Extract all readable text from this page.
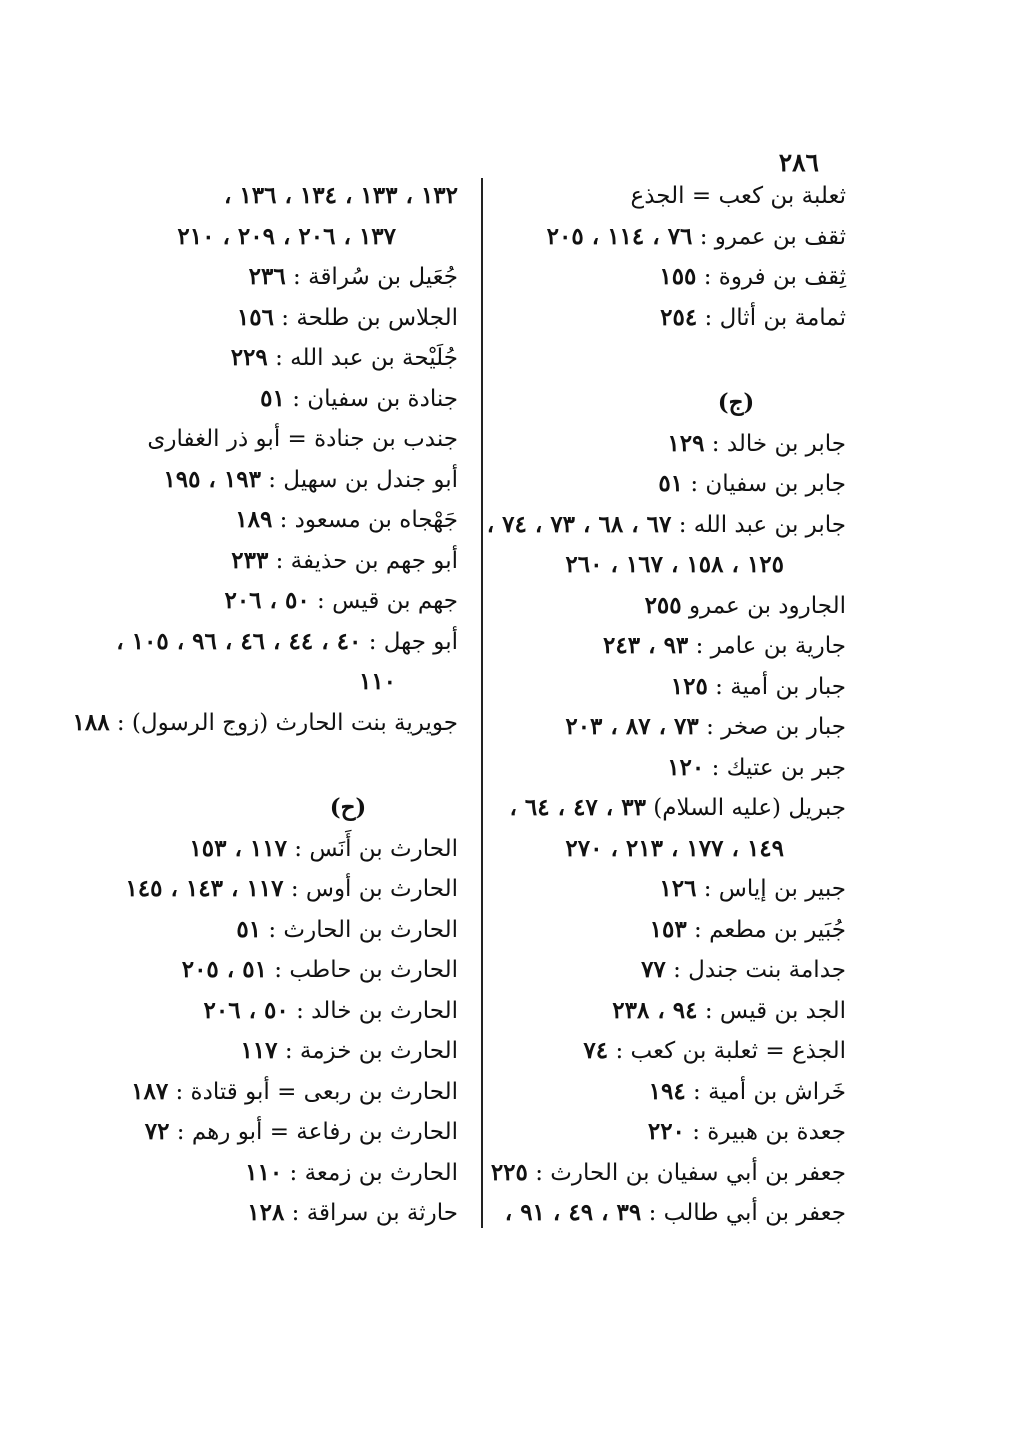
٢٨٦
ثعلبة بن كعب = الجذع
ثقف بن عمرو : ٧٦ ، ١١٤ ، ٢٠٥
ثِقف بن فروة : ١٥٥
ثمامة بن أثال : ٢٥٤
(ج)
جابر بن خالد : ١٢٩
جابر بن سفيان : ٥١
جابر بن عبد الله : ٦٧ ، ٦٨ ، ٧٣ ، ٧٤ ،
١٢٥ ، ١٥٨ ، ١٦٧ ، ٢٦٠
الجارود بن عمرو ٢٥٥
جارية بن عامر : ٩٣ ، ٢٤٣
جبار بن أمية : ١٢٥
جبار بن صخر : ٧٣ ، ٨٧ ، ٢٠٣
جبر بن عتيك : ١٢٠
جبريل (عليه السلام) ٣٣ ، ٤٧ ، ٦٤ ،
١٤٩ ، ١٧٧ ، ٢١٣ ، ٢٧٠
جبير بن إياس : ١٢٦
جُبَير بن مطعم : ١٥٣
جدامة بنت جندل : ٧٧
الجد بن قيس : ٩٤ ، ٢٣٨
الجذع = ثعلبة بن كعب : ٧٤
خَراش بن أمية : ١٩٤
جعدة بن هبيرة : ٢٢٠
جعفر بن أبي سفيان بن الحارث : ٢٢٥
جعفر بن أبي طالب : ٣٩ ، ٤٩ ، ٩١ ،
١٣٢ ، ١٣٣ ، ١٣٤ ، ١٣٦ ،
١٣٧ ، ٢٠٦ ، ٢٠٩ ، ٢١٠
جُعَيل بن سُراقة : ٢٣٦
الجلاس بن طلحة : ١٥٦
جُلَيْحة بن عبد الله : ٢٢٩
جنادة بن سفيان : ٥١
جندب بن جنادة = أبو ذر الغفارى
أبو جندل بن سهيل : ١٩٣ ، ١٩٥
جَهْجاه بن مسعود : ١٨٩
أبو جهم بن حذيفة : ٢٣٣
جهم بن قيس : ٥٠ ، ٢٠٦
أبو جهل : ٤٠ ، ٤٤ ، ٤٦ ، ٩٦ ، ١٠٥ ،
١١٠
جويرية بنت الحارث (زوج الرسول) : ١٨٨
(ح)
الحارث بن أَنَس : ١١٧ ، ١٥٣
الحارث بن أوس : ١١٧ ، ١٤٣ ، ١٤٥
الحارث بن الحارث : ٥١
الحارث بن حاطب : ٥١ ، ٢٠٥
الحارث بن خالد : ٥٠ ، ٢٠٦
الحارث بن خزمة : ١١٧
الحارث بن ربعى = أبو قتادة : ١٨٧
الحارث بن رفاعة = أبو رهم : ٧٢
الحارث بن زمعة : ١١٠
حارثة بن سراقة : ١٢٨
